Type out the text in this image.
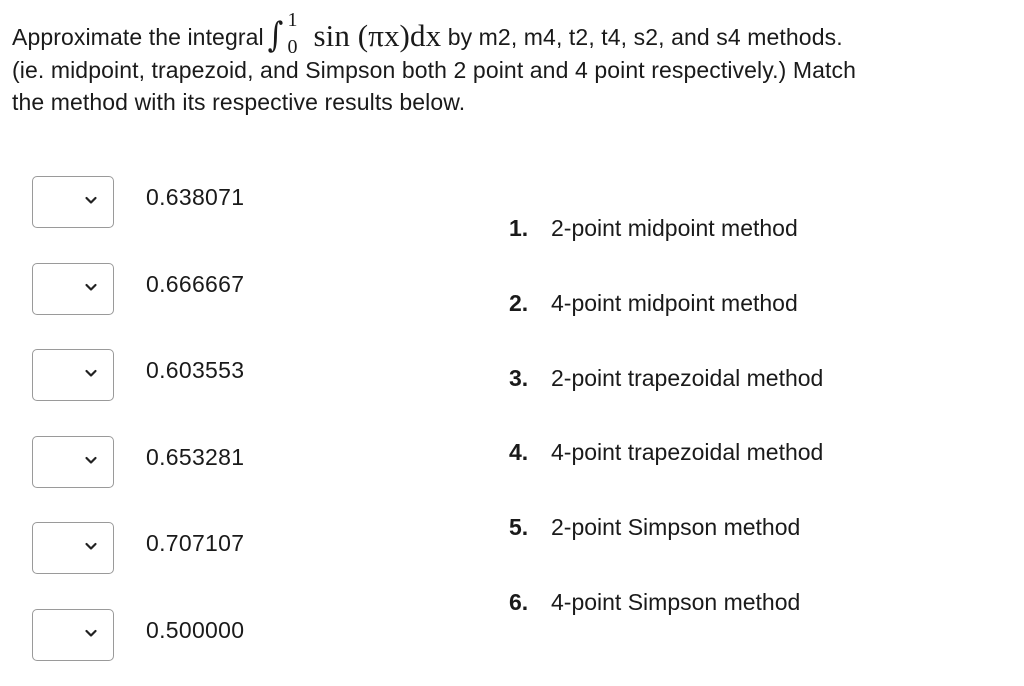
Approximate the integral ∫ 1
0 sin (πx)dx by m2, m4, t2, t4, s2, and s4 methods.
(ie. midpoint, trapezoid, and Simpson both 2 point and 4 point respectively.) Match
the method with its respective results below.
0.638071
0.666667
0.603553
0.653281
0.707107
0.500000
1. 2-point midpoint method
2. 4-point midpoint method
3. 2-point trapezoidal method
4. 4-point trapezoidal method
5. 2-point Simpson method
6. 4-point Simpson method
